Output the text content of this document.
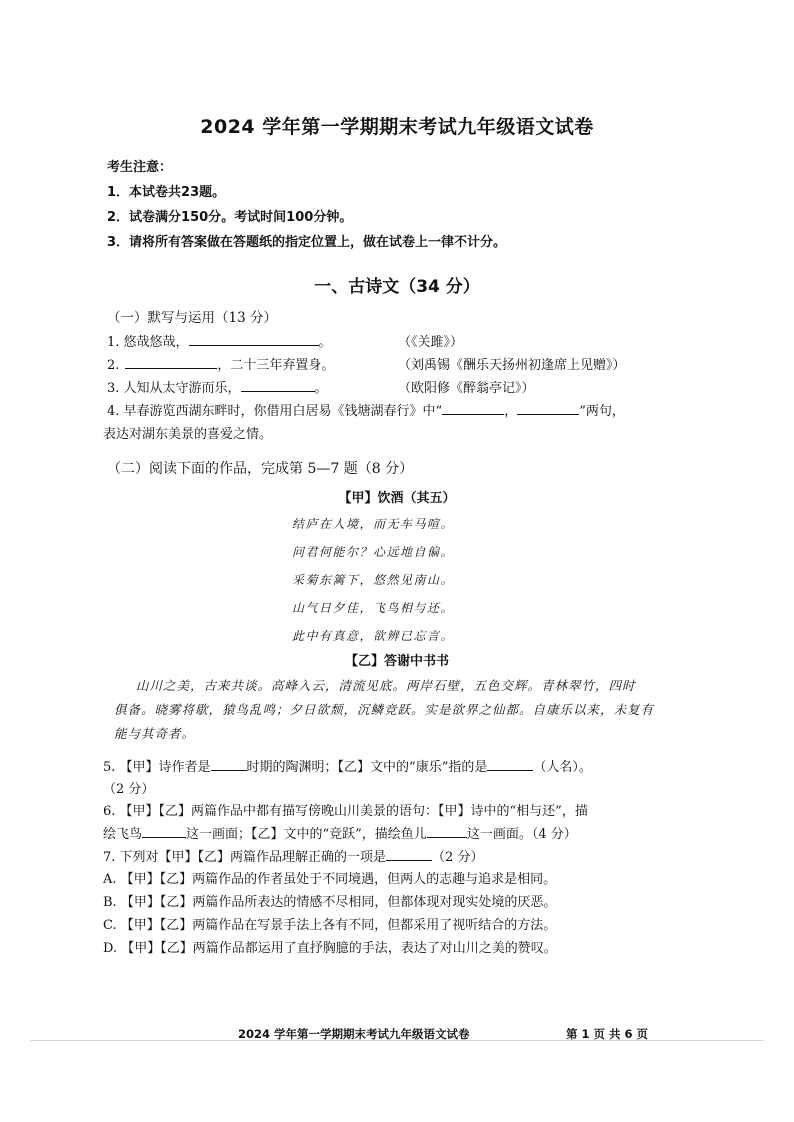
2024 学年第一学期期末考试九年级语文试卷
考生注意：
1．本试卷共23题。
2．试卷满分150分。考试时间100分钟。
3．请将所有答案做在答题纸的指定位置上，做在试卷上一律不计分。
一、古诗文（34 分）
（一）默写与运用（13 分）
1. 悠哉悠哉，	。	（《关雎》）
2.	，二十三年弃置身。	（刘禹锡《酬乐天扬州初逢席上见赠》）
3. 人知从太守游而乐，	。	（欧阳修《醉翁亭记》）
4. 早春游览西湖东畔时，你借用白居易《钱塘湖春行》中“	，	”两句，
表达对湖东美景的喜爱之情。
（二）阅读下面的作品，完成第 5—7 题（8 分）
【甲】饮酒（其五）
结庐在人境，而无车马喧。
问君何能尔？心远地自偏。
采菊东篱下，悠然见南山。
山气日夕佳，飞鸟相与还。
此中有真意，欲辨已忘言。
【乙】答谢中书书
山川之美，古来共谈。高峰入云，清流见底。两岸石壁，五色交辉。青林翠竹，四时
俱备。晓雾将歇，猿鸟乱鸣；夕日欲颓，沉鳞竞跃。实是欲界之仙都。自康乐以来，未复有
能与其奇者。
5. 【甲】诗作者是	时期的陶渊明；【乙】文中的“康乐”指的是	（人名）。
（2 分）
6. 【甲】【乙】两篇作品中都有描写傍晚山川美景的语句：【甲】诗中的“相与还”，描
绘飞鸟	这一画面；【乙】文中的“竞跃”，描绘鱼儿	这一画面。（4 分）
7. 下列对【甲】【乙】两篇作品理解正确的一项是	（2 分）
A. 【甲】【乙】两篇作品的作者虽处于不同境遇，但两人的志趣与追求是相同。
B. 【甲】【乙】两篇作品所表达的情感不尽相同，但都体现对现实处境的厌恶。
C. 【甲】【乙】两篇作品在写景手法上各有不同，但都采用了视听结合的方法。
D. 【甲】【乙】两篇作品都运用了直抒胸臆的手法，表达了对山川之美的赞叹。
2024 学年第一学期期末考试九年级语文试卷	第 1 页 共 6 页
